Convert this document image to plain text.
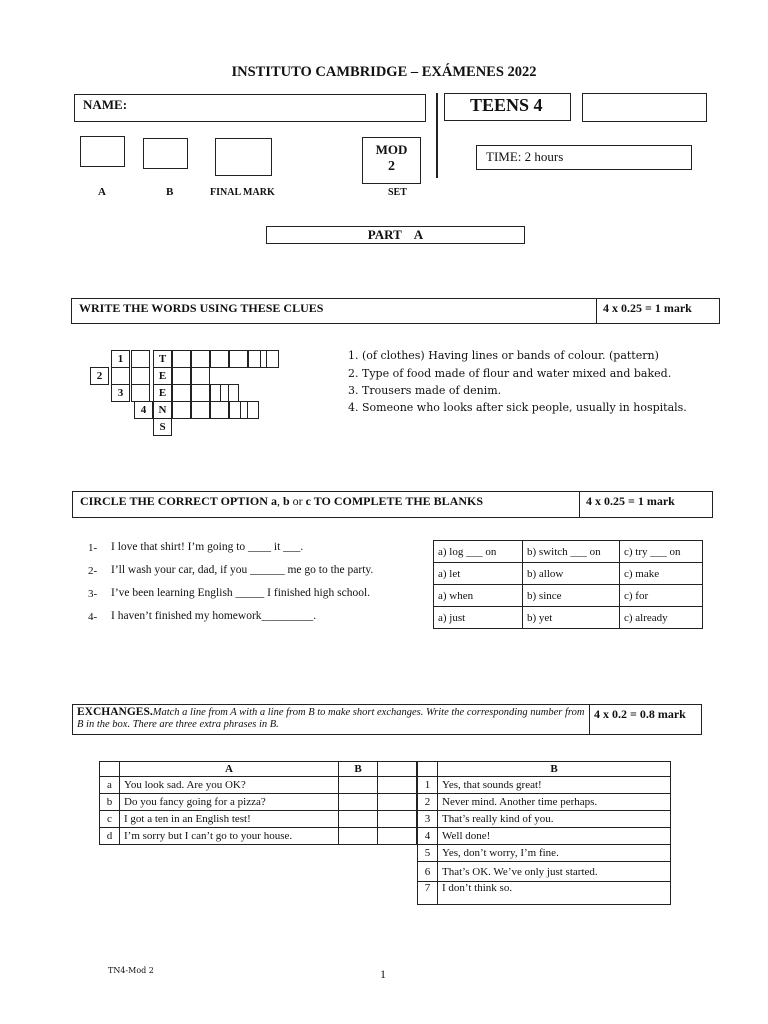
INSTITUTO CAMBRIDGE – EXÁMENES 2022
NAME:	TEENS 4
TIME: 2 hours
MOD
2
A	B	FINAL MARK	SET
PART    A
WRITE THE WORDS USING THESE CLUES	4 x 0.25 = 1 mark
1	T
2	E
3	E
4	N
S
1. (of clothes) Having lines or bands of colour. (pattern)
2. Type of food made of flour and water mixed and baked.
3. Trousers made of denim.
4. Someone who looks after sick people, usually in hospitals.
CIRCLE THE CORRECT OPTION a, b or c TO COMPLETE THE BLANKS	4 x 0.25 = 1 mark
1- I love that shirt! I’m going to ____ it ___.
2- I’ll wash your car, dad, if you ______ me go to the party.
3- I’ve been learning English _____ I finished high school.
4- I haven’t finished my homework_________.
a) log ___ on	b) switch ___ on	c) try ___ on
a) let	b) allow	c) make
a) when	b) since	c) for
a) just	b) yet	c) already
EXCHANGES.Match a line from A with a line from B to make short exchanges. Write the corresponding number from B in the box. There are three extra phrases in B.
4 x 0.2 = 0.8 mark
	A	B	
a	You look sad. Are you OK?		
b	Do you fancy going for a pizza?		
c	I got a ten in an English test!		
d	I’m sorry but I can’t go to your house.		
	B
1	Yes, that sounds great!
2	Never mind. Another time perhaps.
3	That’s really kind of you.
4	Well done!
5	Yes, don’t worry, I’m fine.
6	That’s OK. We’ve only just started.
7	I don’t think so.
TN4-Mod 2	1
